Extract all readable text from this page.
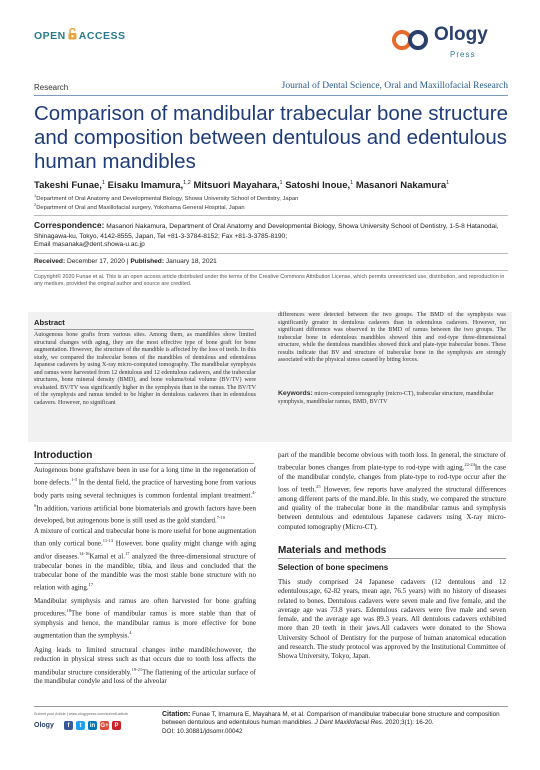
OPEN ACCESS	Ology
Press
Research	Journal of Dental Science, Oral and Maxillofacial Research
Comparison of mandibular trabecular bone structure and composition between dentulous and edentulous human mandibles
Takeshi Funae,$^1$ Eisaku Imamura,$^{1,2}$ Mitsuori Mayahara,$^1$ Satoshi Inoue,$^1$ Masanori Nakamura$^1$
$^1$Department of Oral Anatomy and Developmental Biology, Showa University School of Dentistry, Japan
$^2$Department of Oral and Maxillofacial surgery, Yokohama General Hospital, Japan
Correspondence: Masanori Nakamura, Department of Oral Anatomy and Developmental Biology, Showa University School of Dentistry, 1-5-8 Hatanodai, Shinagawa-ku, Tokyo, 4142-8555, Japan, Tel +81-3-3784-8152; Fax +81-3-3785-8190;
Email masanaka@dent.showa-u.ac.jp
Received: December 17, 2020 | Published: January 18, 2021
Copyright© 2020 Funae et al. This is an open access article distributed under the terms of the Creative Commons Attribution License, which permits unrestricted use, distribution, and reproduction in any medium, provided the original author and source are credited.
Abstract

Autogenous bone grafts from various sites. Among them, as mandibles show limited structural changes with aging, they are the most effective type of bone graft for bone augmentation. However, the structure of the mandible is affected by the loss of teeth. In this study, we compared the trabecular bones of the mandibles of dentulous and edentulous Japanese cadavers by using X-ray micro-computed tomography. The mandibular symphysis and ramus were harvested from 12 dentulous and 12 edentulous cadavers, and the trabecular structures, bone mineral density (BMD), and bone volume/total volume (BV/TV) were evaluated. BV/TV was significantly higher in the symphysis than in the ramus. The BV/TV of the symphysis and ramus tended to be higher in dentulous cadavers than in edentulous cadavers. However, no significant

differences were detected between the two groups. The BMD of the symphysis was significantly greater in dentulous cadavers than in edentulous cadavers. However, no significant difference was observed in the BMD of ramus between the two groups. The trabecular bone in edentulous mandibles showed thin and rod-type three-dimensional structure, while the dentulous mandibles showed thick and plate-type trabecular bones. These results indicate that BV and structure of trabecular bone in the symphysis are strongly associated with the physical stress caused by biting forces.

Keywords: micro-computed tomography (micro-CT), trabecular structure, mandibular symphysis, mandibular ramus, BMD, BV/TV

Introduction

Autogenous bone graftshave been in use for a long time in the regeneration of bone defects.$^{1-3}$ In the dental field, the practice of harvesting bone from various body parts using several techniques is common fordental implant treatment.$^{4-6}$In addition, various artificial bone biomaterials and growth factors have been developed, but autogenous bone is still used as the gold standard.$^{7-10}$

A mixture of cortical and trabecular bone is more useful for bone augmentation than only cortical bone.$^{11-13}$ However, bone quality might change with aging and/or diseases.$^{14-16}$Kamal et al.$^{17}$ analyzed the three-dimensional structure of trabecular bones in the mandible, tibia, and ileus and concluded that the trabecular bone of the mandible was the most stable bone structure with no relation with aging.$^{17}$

Mandibular symphysis and ramus are often harvested for bone grafting procedures.$^{18}$The bone of mandibular ramus is more stable than that of symphysis and hence, the mandibular ramus is more effective for bone augmentation than the symphysis.$^4$

Aging leads to limited structural changes inthe mandible;however, the reduction in physical stress such as that occurs due to tooth loss affects the mandibular structure considerably.$^{19-21}$The flattening of the articular surface of the mandibular condyle and loss of the alveolar

part of the mandible become obvious with tooth loss. In general, the structure of trabecular bones changes from plate-type to rod-type with aging.$^{22-24}$In the case of the mandibular condyle, changes from plate-type to rod-type occur after the loss of teeth.$^{25}$ However, few reports have analyzed the structural differences among different parts of the mand.ible. In this study, we compared the structure and quality of the trabecular bone in the mandibular ramus and symphysis between dentulous and edentulous Japanese cadavers using X-ray micro-computed tomography (Micro-CT).

Materials and methods
Selection of bone specimens

This study comprised 24 Japanese cadavers (12 dentulous and 12 edentulous;age, 62-82 years, mean age, 76.5 years) with no history of diseases related to bones. Dentulous cadavers were seven male and five female, and the average age was 73.8 years. Edentulous cadavers were five male and seven female, and the average age was 89.3 years. All dentulous cadavers exhibited more than 20 teeth in their jaws.All cadavers were donated to the Showa University School of Dentistry for the purpose of human anatomical education and research. The study protocol was approved by the Institutional Committee of Showa University, Tokyo, Japan.

Submit your Article | www.ologypress.com/submit-article
Ology	f	t	in G+ P
Citation: Funae T, Imamura E, Mayahara M, et al. Comparison of mandibular trabecular bone structure and composition between dentulous and edentulous human mandibles. J Dent Maxillofacial Res. 2020;3(1): 16-20.
DOI: 10.30881/jdsomr.00042
